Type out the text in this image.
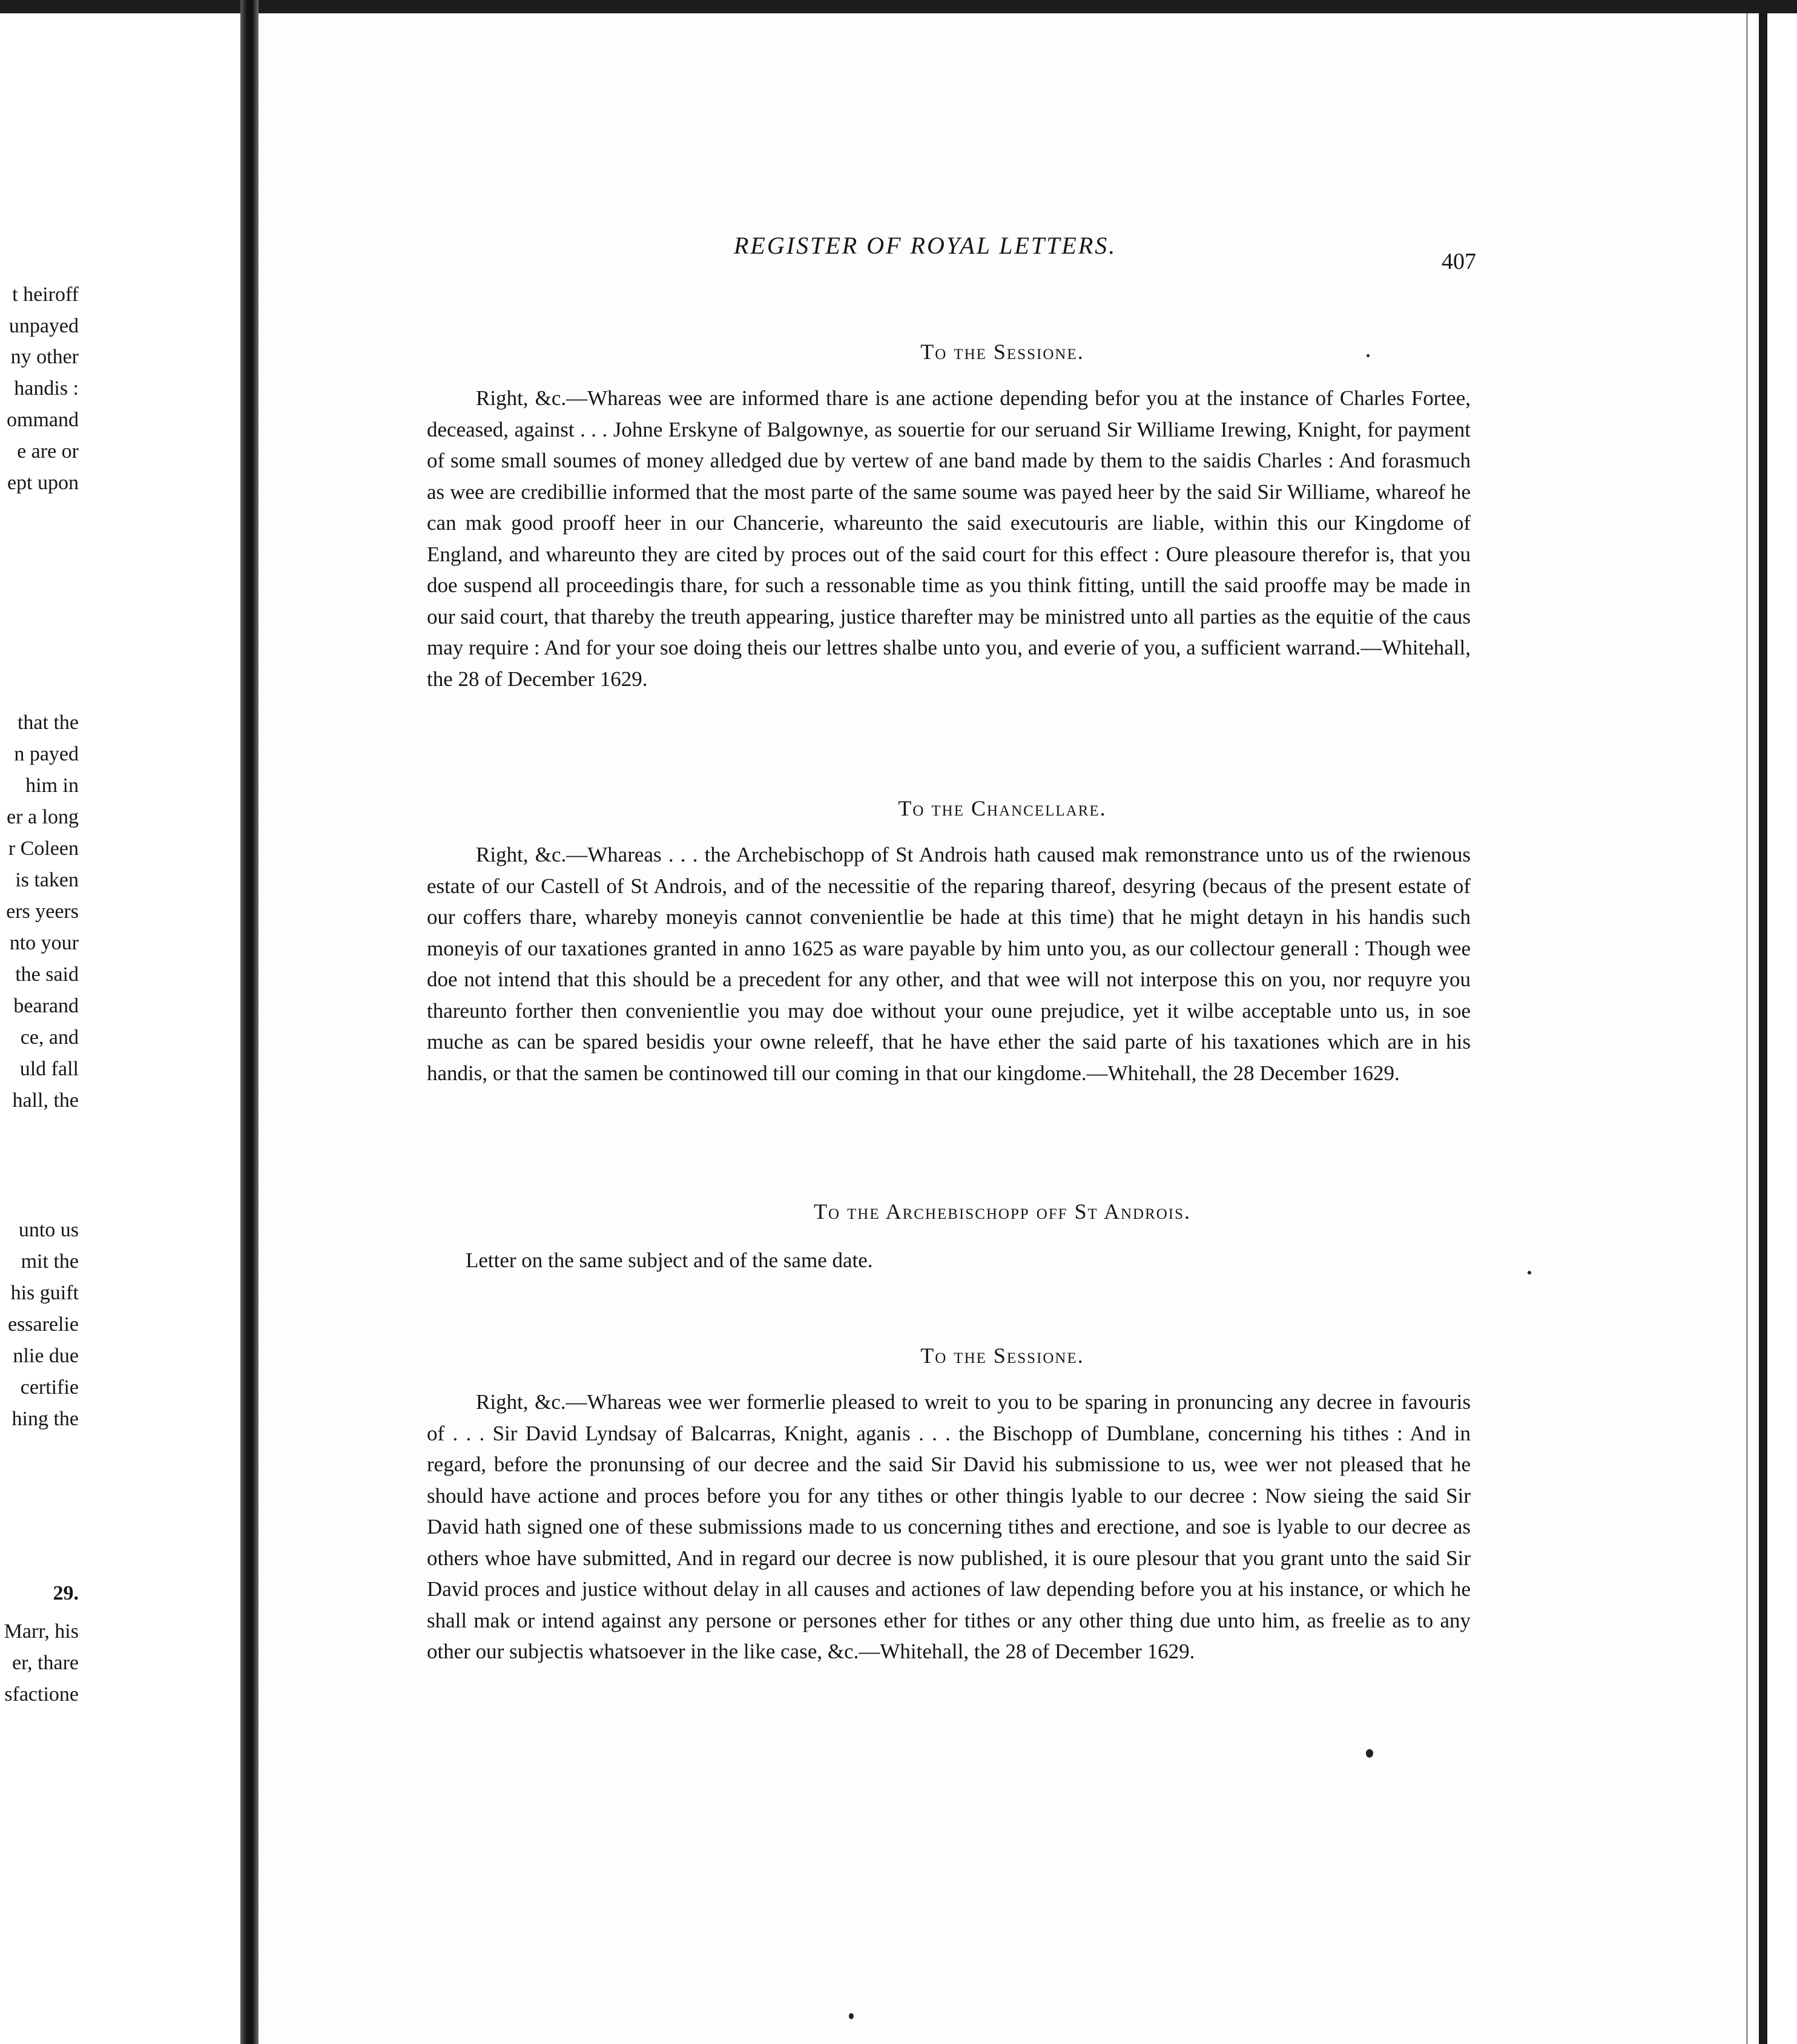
t heiroff
unpayed
ny other
handis :
ommand
e are or
ept upon
that the
n payed
him in
er a long
r Coleen
is taken
ers yeers
nto your
the said
bearand
ce, and
uld fall
hall, the
unto us
mit the
his guift
essarelie
nlie due
certifie
hing the
29.
Marr, his
er, thare
sfactione
REGISTER OF ROYAL LETTERS.
407
To the Sessione.

Right, &c.—Whareas wee are informed thare is ane actione depending befor you at the instance of Charles Fortee, deceased, against . . . Johne Erskyne of Balgownye, as souertie for our seruand Sir Williame Irewing, Knight, for payment of some small soumes of money alledged due by vertew of ane band made by them to the saidis Charles : And forasmuch as wee are credibillie informed that the most parte of the same soume was payed heer by the said Sir Williame, whareof he can mak good prooff heer in our Chancerie, whareunto the said executouris are liable, within this our Kingdome of England, and whareunto they are cited by proces out of the said court for this effect : Oure pleasoure therefor is, that you doe suspend all proceedingis thare, for such a ressonable time as you think fitting, untill the said prooffe may be made in our said court, that thareby the treuth appearing, justice tharefter may be ministred unto all parties as the equitie of the caus may require : And for your soe doing theis our lettres shalbe unto you, and everie of you, a sufficient warrand.—Whitehall, the 28 of December 1629.

To the Chancellare.

Right, &c.—Whareas . . . the Archebischopp of St Androis hath caused mak remonstrance unto us of the rwienous estate of our Castell of St Androis, and of the necessitie of the reparing thareof, desyring (becaus of the present estate of our coffers thare, whareby moneyis cannot convenientlie be hade at this time) that he might detayn in his handis such moneyis of our taxationes granted in anno 1625 as ware payable by him unto you, as our collectour generall : Though wee doe not intend that this should be a precedent for any other, and that wee will not interpose this on you, nor requyre you thareunto forther then convenientlie you may doe without your oune prejudice, yet it wilbe acceptable unto us, in soe muche as can be spared besidis your owne releeff, that he have ether the said parte of his taxationes which are in his handis, or that the samen be continowed till our coming in that our kingdome.—Whitehall, the 28 December 1629.

To the Archebischopp off St Androis.
Letter on the same subject and of the same date.
To the Sessione.

Right, &c.—Whareas wee wer formerlie pleased to wreit to you to be sparing in pronuncing any decree in favouris of . . . Sir David Lyndsay of Balcarras, Knight, aganis . . . the Bischopp of Dumblane, concerning his tithes : And in regard, before the pronunsing of our decree and the said Sir David his submissione to us, wee wer not pleased that he should have actione and proces before you for any tithes or other thingis lyable to our decree : Now sieing the said Sir David hath signed one of these submissions made to us concerning tithes and erectione, and soe is lyable to our decree as others whoe have submitted, And in regard our decree is now published, it is oure plesour that you grant unto the said Sir David proces and justice without delay in all causes and actiones of law depending before you at his instance, or which he shall mak or intend against any persone or persones ether for tithes or any other thing due unto him, as freelie as to any other our subjectis whatsoever in the like case, &c.—Whitehall, the 28 of December 1629.
